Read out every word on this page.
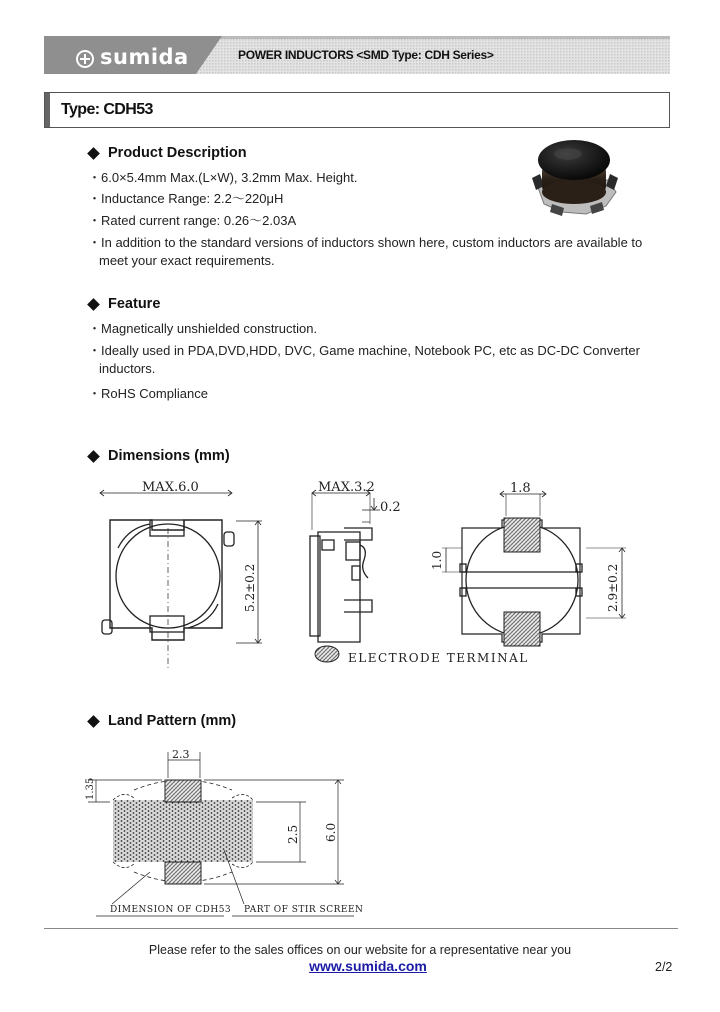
sumida	POWER INDUCTORS <SMD Type: CDH Series>
Type: CDH53
Product Description
・6.0×5.4mm Max.(L×W), 3.2mm Max. Height.
・Inductance Range: 2.2～220μH
・Rated current range: 0.26～2.03A
・In addition to the standard versions of inductors shown here, custom inductors are available to
meet your exact requirements.
Feature
・Magnetically unshielded construction.
・Ideally used in PDA,DVD,HDD, DVC, Game machine, Notebook PC, etc as DC-DC Converter
inductors.
・RoHS Compliance
Dimensions (mm)
MAX.6.0
5.2±0.2
MAX.3.2
0.2
1.8
1.0
2.9±0.2
ELECTRODE TERMINAL
2.3
1.35
2.5 6.0
DIMENSION OF CDH53 PART OF STIR SCREEN
Land Pattern (mm)
Please refer to the sales offices on our website for a representative near you
www.sumida.com	2/2
